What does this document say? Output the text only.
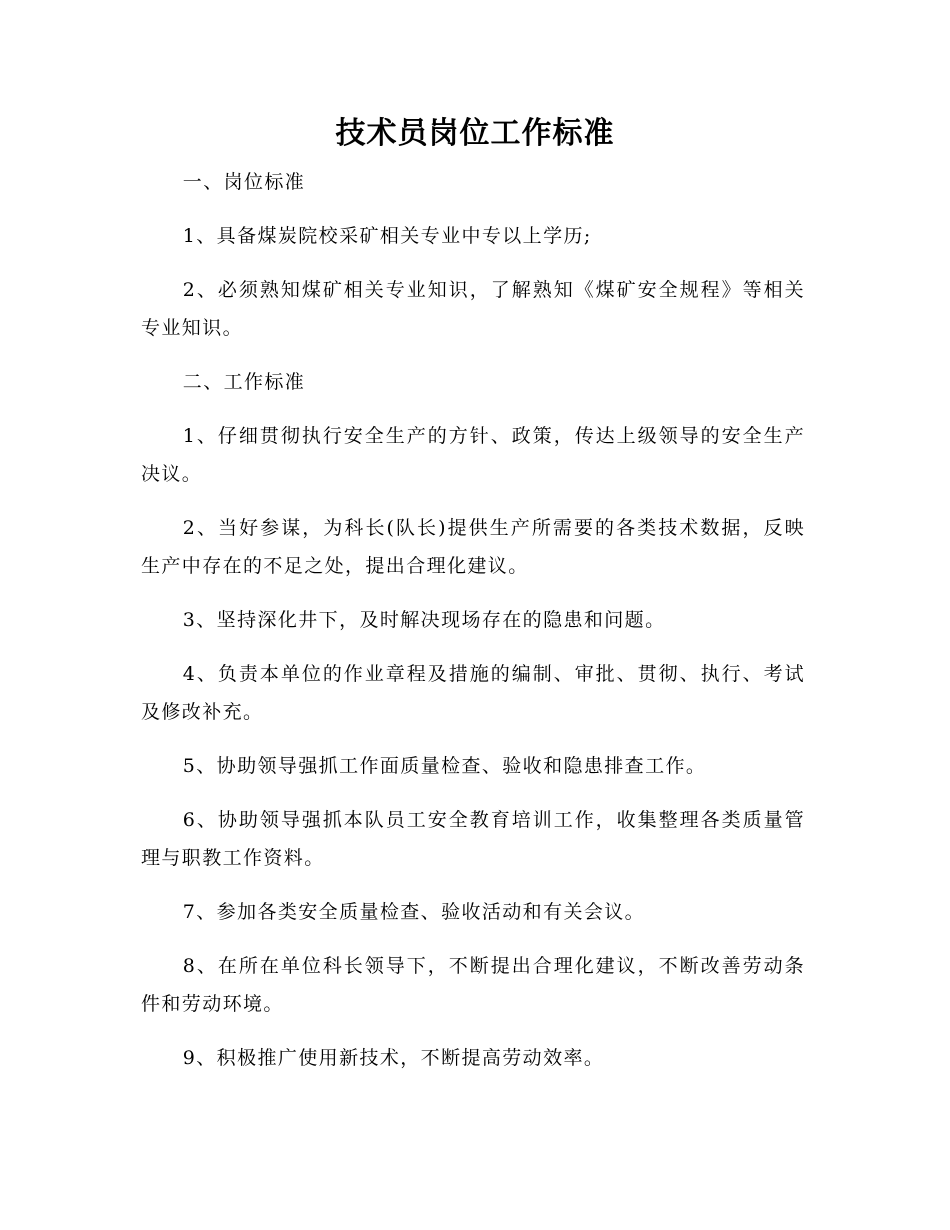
技术员岗位工作标准

一、岗位标准

1、具备煤炭院校采矿相关专业中专以上学历;

2、必须熟知煤矿相关专业知识，了解熟知《煤矿安全规程》等相关专业知识。

二、工作标准

1、仔细贯彻执行安全生产的方针、政策，传达上级领导的安全生产决议。

2、当好参谋，为科长(队长)提供生产所需要的各类技术数据，反映生产中存在的不足之处，提出合理化建议。

3、坚持深化井下，及时解决现场存在的隐患和问题。

4、负责本单位的作业章程及措施的编制、审批、贯彻、执行、考试及修改补充。

5、协助领导强抓工作面质量检查、验收和隐患排查工作。

6、协助领导强抓本队员工安全教育培训工作，收集整理各类质量管理与职教工作资料。

7、参加各类安全质量检查、验收活动和有关会议。

8、在所在单位科长领导下，不断提出合理化建议，不断改善劳动条件和劳动环境。

9、积极推广使用新技术，不断提高劳动效率。
